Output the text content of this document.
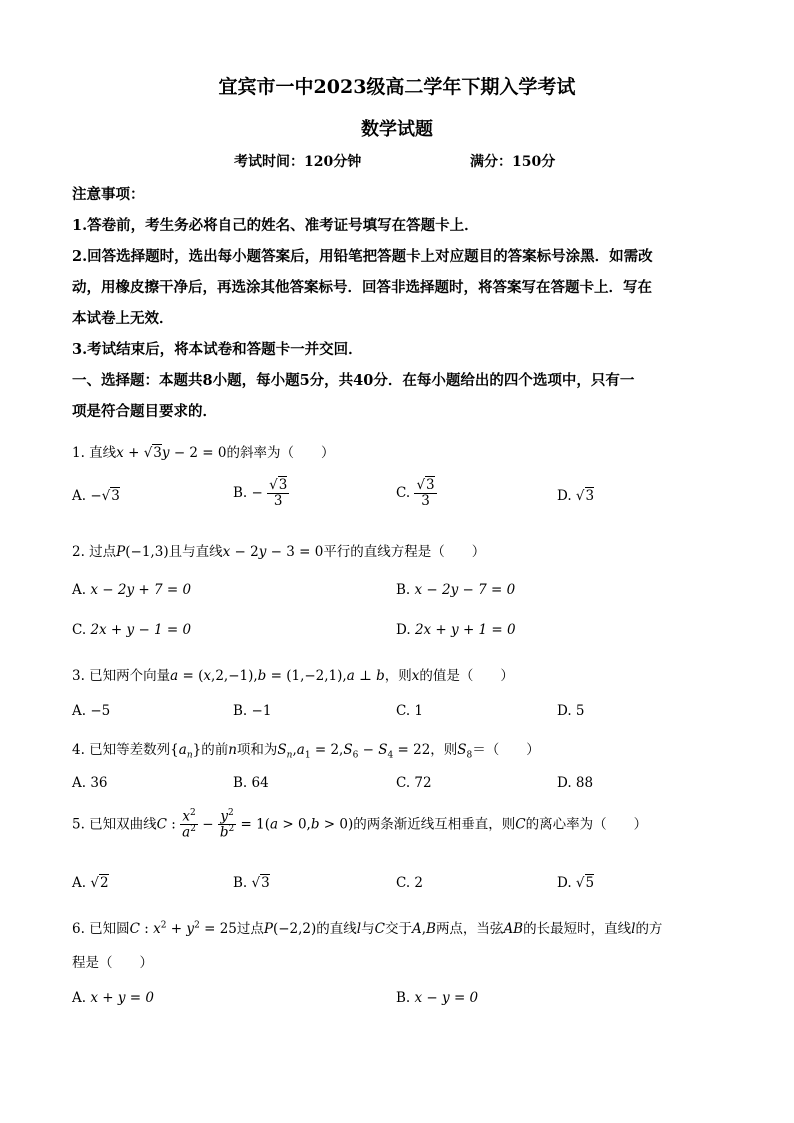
宜宾市一中2023级高二学年下期入学考试
数学试题
考试时间：120分钟	满分：150分
注意事项：
1.答卷前，考生务必将自己的姓名、准考证号填写在答题卡上．
2.回答选择题时，选出每小题答案后，用铅笔把答题卡上对应题目的答案标号涂黑．如需改
动，用橡皮擦干净后，再选涂其他答案标号．回答非选择题时，将答案写在答题卡上．写在
本试卷上无效．
3.考试结束后，将本试卷和答题卡一并交回．
一、选择题：本题共8小题，每小题5分，共40分．在每小题给出的四个选项中，只有一
项是符合题目要求的．
1. 直线x + √3y − 2 = 0的斜率为（　　）
A. −√3	B. − $\frac{√3}{3}$	C. $\frac{√3}{3}$	D. √3
2. 过点P(−1,3)且与直线x − 2y − 3 = 0平行的直线方程是（　　）
A. x − 2y + 7 = 0	B. x − 2y − 7 = 0
C. 2x + y − 1 = 0	D. 2x + y + 1 = 0
3. 已知两个向量a = (x,2,−1),b = (1,−2,1),a ⊥ b，则x的值是（　　）
A. −5	B. −1	C. 1	D. 5
4. 已知等差数列$\{a_n\}$的前n项和为$S_n,a_1 = 2,S_6 - S_4 = 22$，则$S_8=$（　　）
A. 36	B. 64	C. 72	D. 88
5. 已知双曲线C : $\frac{x^2}{a^2} - \frac{y^2}{b^2} = 1(a > 0,b > 0)$的两条渐近线互相垂直，则C的离心率为（　　）
A. √2	B. √3	C. 2	D. √5
6. 已知圆C : $x^2 + y^2 = 25$过点P(−2,2)的直线l与C交于A,B两点，当弦AB的长最短时，直线l的方
程是（　　）
A. x + y = 0	B. x − y = 0
